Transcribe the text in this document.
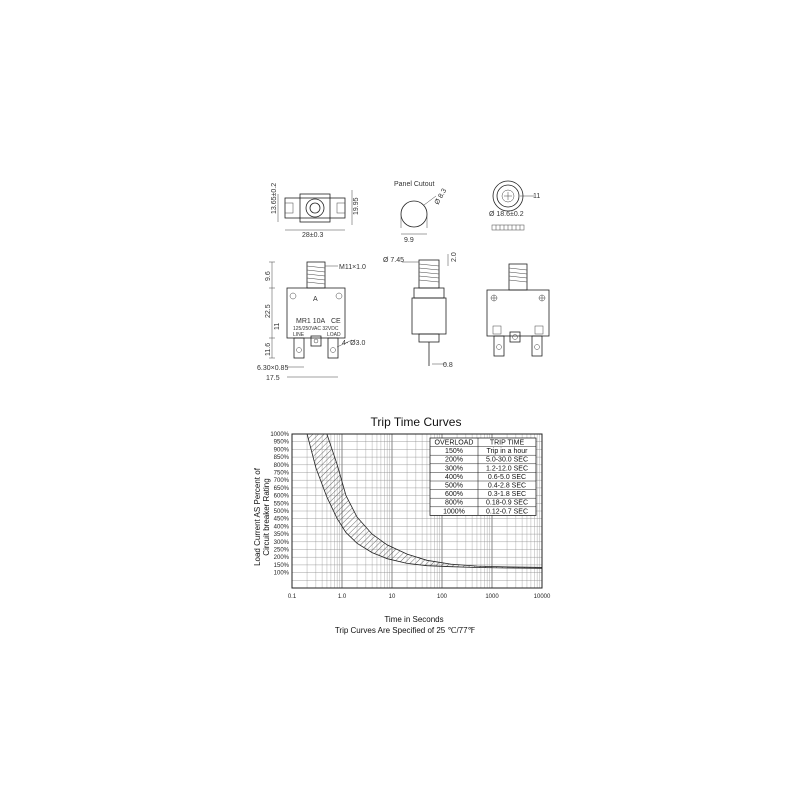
13.65±0.2	19.95
28±0.3
Panel Cutout
9.9
Ø 8.3	11
Ø 18.6±0.2
M11×1.0
A
MR1 10A CE
125/250VAC 32VDC
LINE	LOAD
4- Ø3.0
9.6
22.5
11
11.6
6.30×0.85
17.5
0.8
Ø 7.45	2.0
Trip Time Curves
Load Current AS Percent of Circuit breaker Rating
100%
150%
200%
250%
300%
350%
400%
450%
500%
550%
600%
650%
700%
750%
800%
850%
900%
950%
1000%
0.1	1.0	10	100	1000	10000
OVERLOAD TRIP TIME
150%	Trip in a hour
200%	5.0-30.0 SEC
300%	1.2-12.0 SEC
400%	0.6-5.0 SEC
500%	0.4-2.8 SEC
600%	0.3-1.8 SEC
800%	0.18-0.9 SEC
1000%	0.12-0.7 SEC
Time in Seconds
Trip Curves Are Specified of 25 ℃/77℉
